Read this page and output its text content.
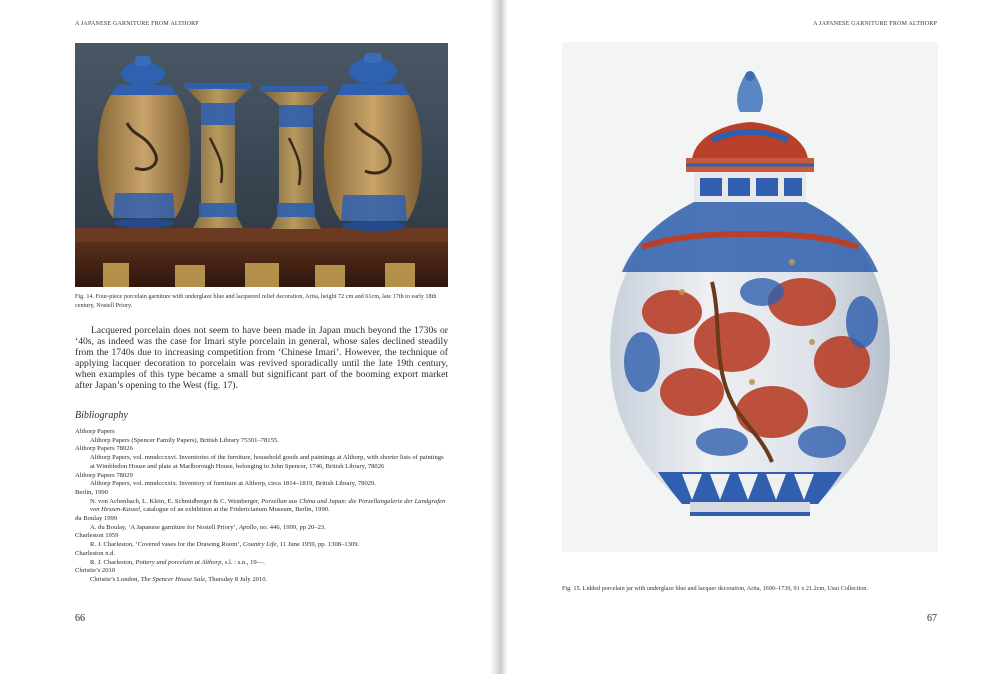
A JAPANESE GARNITURE FROM ALTHORP
Fig. 14. Four-piece porcelain garniture with underglaze blue and lacquered relief decoration, Arita, height 72 cm and 61cm, late 17th to early 18th century, Nostell Priory.
Lacquered porcelain does not seem to have been made in Japan much beyond the 1730s or ‘40s, as indeed was the case for Imari style porcelain in general, whose sales declined steadily from the 1740s due to increasing competition from ‘Chinese Imari’. However, the technique of applying lacquer decoration to porcelain was revived sporadically until the late 19th century, when examples of this type became a small but significant part of the booming export market after Japan’s opening to the West (fig. 17).
Bibliography
Althorp Papers
Althorp Papers (Spencer Family Papers), British Library 75301–78155.
Althorp Papers 78026
Althorp Papers, vol. mmdccxxvi. Inventories of the furniture, household goods and paintings at Althorp, with shorter lists of paintings at Wimbledon House and plate at Marlborough House, belonging to John Spencer, 1746, British Library, 78026
Althorp Papers 78029
Althorp Papers, vol. mmdccxxix. Inventory of furniture at Althorp, circa 1814–1819, British Library, 78029.
Berlin, 1990
N. von Achenbach, L. Klein, E. Schmidberger & C. Weinberger, Porzellan aus China und Japan: die Porzellangalerie der Landgrafen von Hessen-Kassel, catalogue of an exhibition at the Fridericianum Museum, Berlin, 1990.
du Boulay 1999
A. du Boulay, ‘A Japanese garniture for Nostell Priory’, Apollo, no. 446, 1999, pp 20–23.
Charleston 1959
R. J. Charleston, ‘Covered vases for the Drawing Room’, Country Life, 11 June 1959, pp. 1308–1309.
Charleston n.d.
R. J. Charleston, Pottery and porcelain at Althorp, s.l. : s.n., 19—.
Christie’s 2010
Christie’s London, The Spencer House Sale, Thursday 8 July 2010.
66
A JAPANESE GARNITURE FROM ALTHORP
Fig. 15. Lidded porcelain jar with underglaze blue and lacquer decoration, Arita, 1690–1730, 91 x 21.2cm, Usui Collection.
67
